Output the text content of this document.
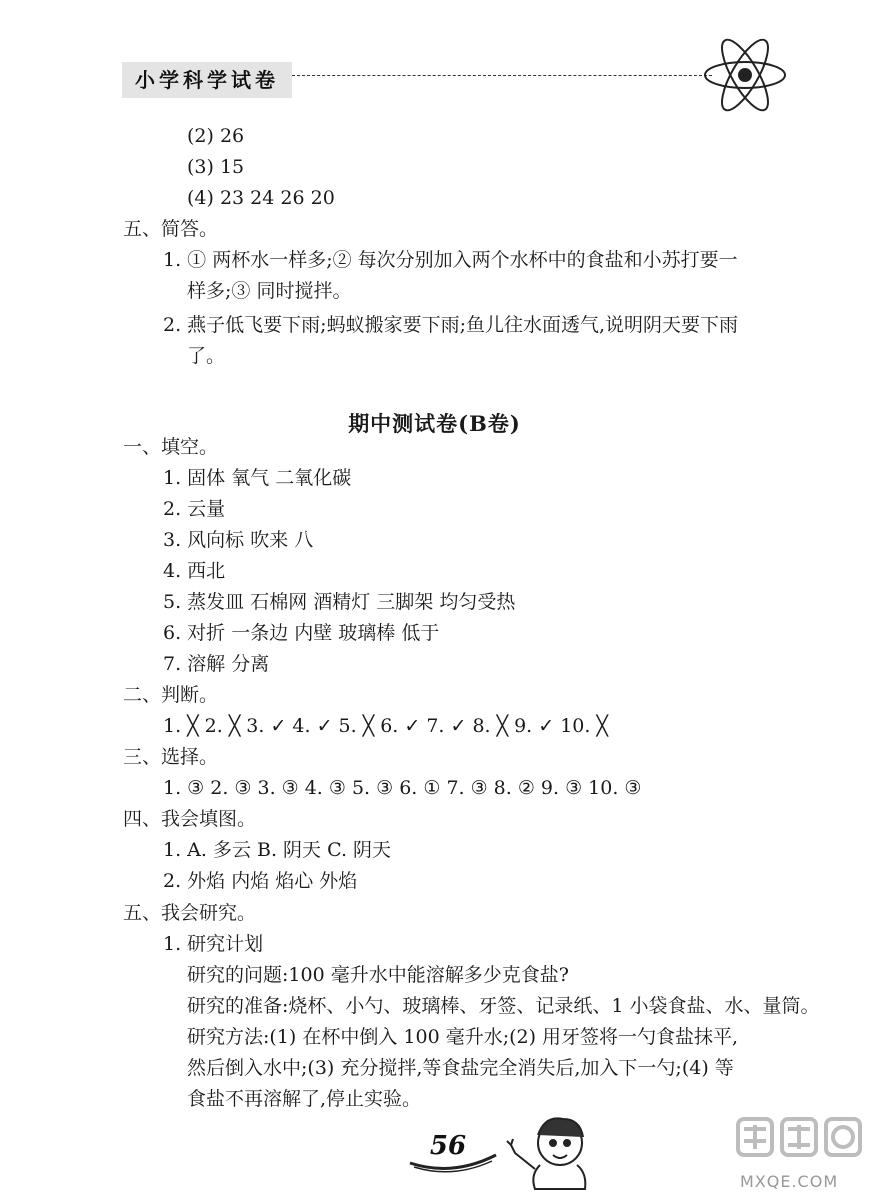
小学科学试卷
(2) 26
(3) 15
(4) 23 24 26 20
五、简答。
1. ① 两杯水一样多;② 每次分别加入两个水杯中的食盐和小苏打要一
样多;③ 同时搅拌。
2. 燕子低飞要下雨;蚂蚁搬家要下雨;鱼儿往水面透气,说明阴天要下雨
了。
期中测试卷(B卷)
一、填空。
1. 固体 氧气 二氧化碳
2. 云量
3. 风向标 吹来 八
4. 西北
5. 蒸发皿 石棉网 酒精灯 三脚架 均匀受热
6. 对折 一条边 内壁 玻璃棒 低于
7. 溶解 分离
二、判断。
1. ╳ 2. ╳ 3. ✓ 4. ✓ 5. ╳ 6. ✓ 7. ✓ 8. ╳ 9. ✓ 10. ╳
三、选择。
1. ③ 2. ③ 3. ③ 4. ③ 5. ③ 6. ① 7. ③ 8. ② 9. ③ 10. ③
四、我会填图。
1. A. 多云 B. 阴天 C. 阴天
2. 外焰 内焰 焰心 外焰
五、我会研究。
1. 研究计划
研究的问题:100 毫升水中能溶解多少克食盐?
研究的准备:烧杯、小勺、玻璃棒、牙签、记录纸、1 小袋食盐、水、量筒。
研究方法:(1) 在杯中倒入 100 毫升水;(2) 用牙签将一勺食盐抹平,
然后倒入水中;(3) 充分搅拌,等食盐完全消失后,加入下一勺;(4) 等
食盐不再溶解了,停止实验。
56
MXQE.COM
